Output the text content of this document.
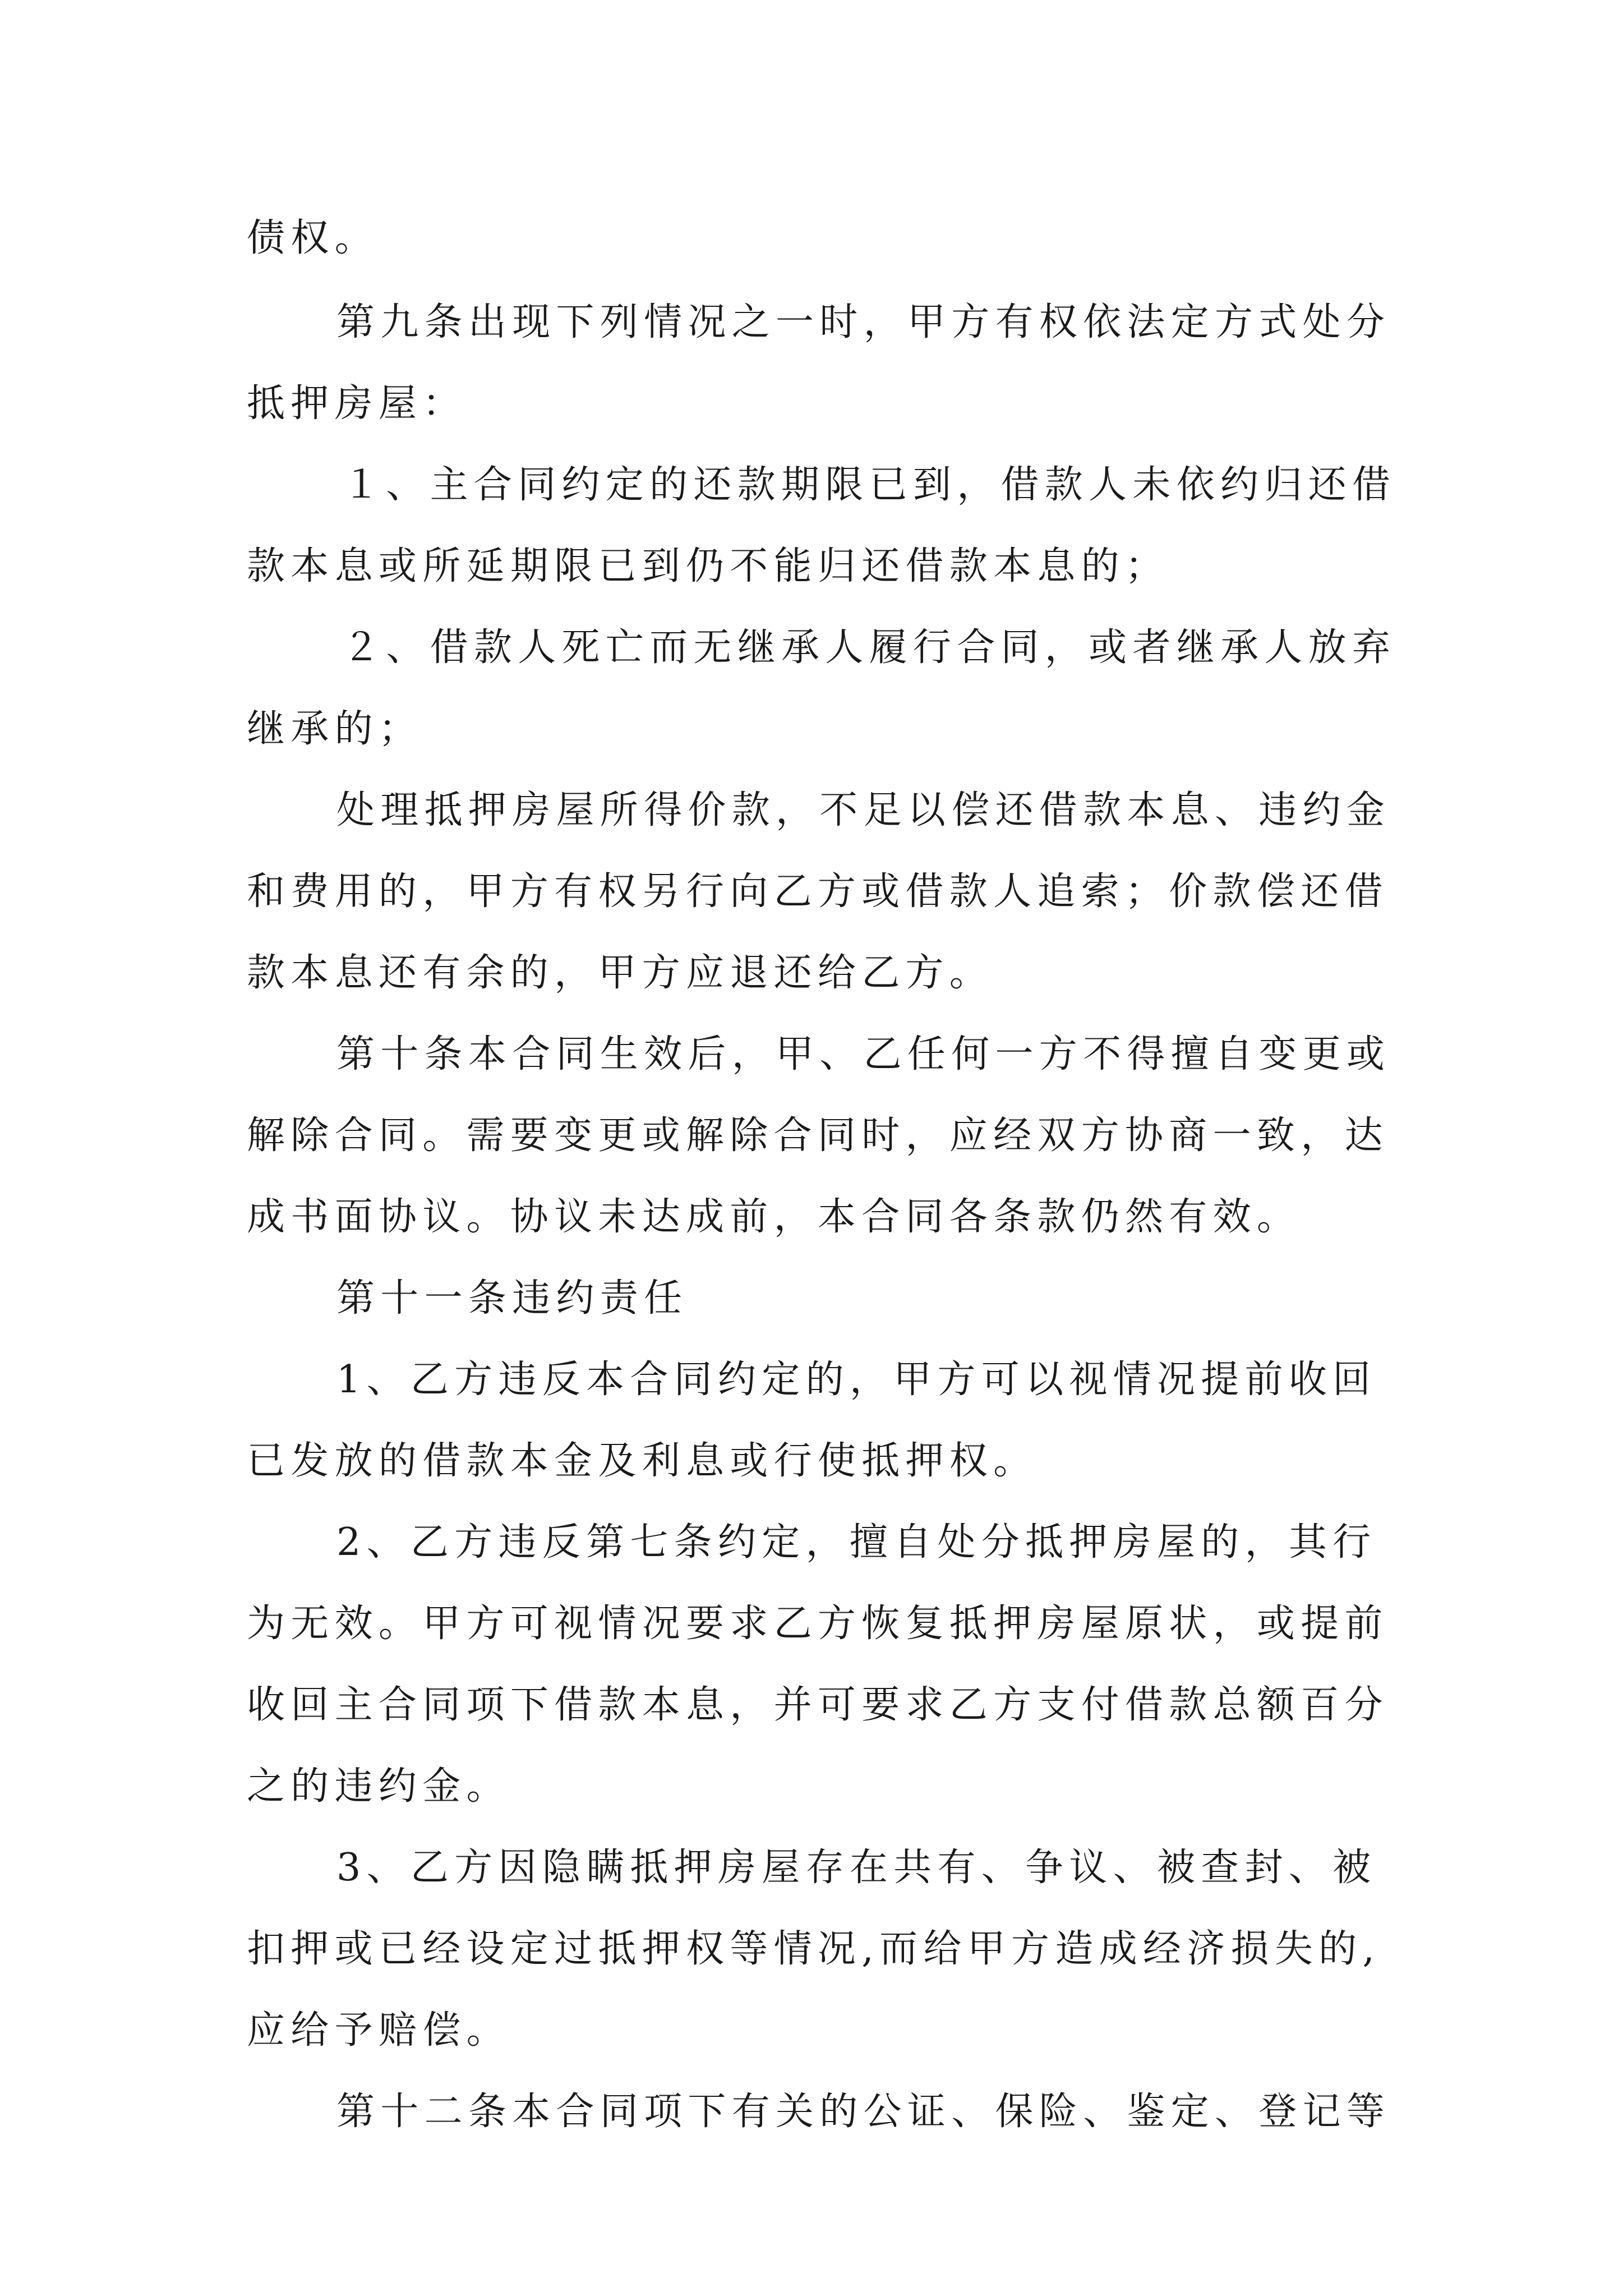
债权。
第九条出现下列情况之一时，甲方有权依法定方式处分
抵押房屋：
１、主合同约定的还款期限已到，借款人未依约归还借
款本息或所延期限已到仍不能归还借款本息的；
２、借款人死亡而无继承人履行合同，或者继承人放弃
继承的；
处理抵押房屋所得价款，不足以偿还借款本息、违约金
和费用的，甲方有权另行向乙方或借款人追索；价款偿还借
款本息还有余的，甲方应退还给乙方。
第十条本合同生效后，甲、乙任何一方不得擅自变更或
解除合同。需要变更或解除合同时，应经双方协商一致，达
成书面协议。协议未达成前，本合同各条款仍然有效。
第十一条违约责任
1、乙方违反本合同约定的，甲方可以视情况提前收回
已发放的借款本金及利息或行使抵押权。
2、乙方违反第七条约定，擅自处分抵押房屋的，其行
为无效。甲方可视情况要求乙方恢复抵押房屋原状，或提前
收回主合同项下借款本息，并可要求乙方支付借款总额百分
之的违约金。
3、乙方因隐瞒抵押房屋存在共有、争议、被查封、被
扣押或已经设定过抵押权等情况,而给甲方造成经济损失的,
应给予赔偿。
第十二条本合同项下有关的公证、保险、鉴定、登记等
